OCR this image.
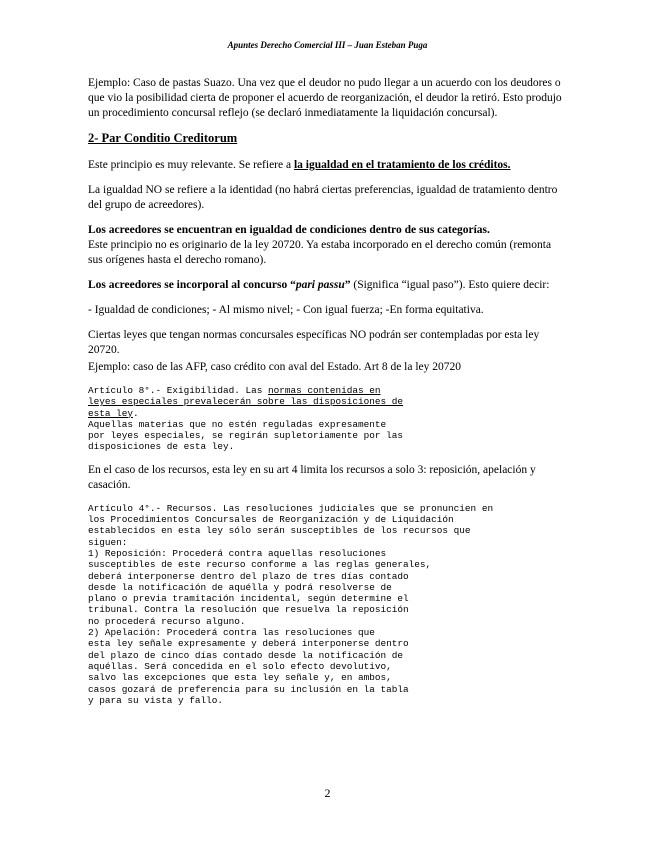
Apuntes Derecho Comercial III – Juan Esteban Puga

Ejemplo: Caso de pastas Suazo. Una vez que el deudor no pudo llegar a un acuerdo con los deudores o que vio la posibilidad cierta de proponer el acuerdo de reorganización, el deudor la retiró. Esto produjo un procedimiento concursal reflejo (se declaró inmediatamente la liquidación concursal).

2- Par Conditio Creditorum

Este principio es muy relevante. Se refiere a la igualdad en el tratamiento de los créditos.

La igualdad NO se refiere a la identidad (no habrá ciertas preferencias, igualdad de tratamiento dentro del grupo de acreedores).

Los acreedores se encuentran en igualdad de condiciones dentro de sus categorías.
Este principio no es originario de la ley 20720. Ya estaba incorporado en el derecho común (remonta sus orígenes hasta el derecho romano).

Los acreedores se incorporal al concurso “pari passu” (Significa “igual paso”). Esto quiere decir:

- Igualdad de condiciones; - Al mismo nivel; - Con igual fuerza; -En forma equitativa.

Ciertas leyes que tengan normas concursales específicas NO podrán ser contempladas por esta ley 20720.

Ejemplo: caso de las AFP, caso crédito con aval del Estado. Art 8 de la ley 20720

Artículo 8°.- Exigibilidad. Las normas contenidas en
leyes especiales prevalecerán sobre las disposiciones de
esta ley.
Aquellas materias que no estén reguladas expresamente
por leyes especiales, se regirán supletoriamente por las
disposiciones de esta ley.

En el caso de los recursos, esta ley en su art 4 limita los recursos a solo 3: reposición, apelación y casación.

Artículo 4°.- Recursos. Las resoluciones judiciales que se pronuncien en
los Procedimientos Concursales de Reorganización y de Liquidación
establecidos en esta ley sólo serán susceptibles de los recursos que
siguen:
1) Reposición: Procederá contra aquellas resoluciones
susceptibles de este recurso conforme a las reglas generales,
deberá interponerse dentro del plazo de tres días contado
desde la notificación de aquélla y podrá resolverse de
plano o previa tramitación incidental, según determine el
tribunal. Contra la resolución que resuelva la reposición
no procederá recurso alguno.
2) Apelación: Procederá contra las resoluciones que
esta ley señale expresamente y deberá interponerse dentro
del plazo de cinco días contado desde la notificación de
aquéllas. Será concedida en el solo efecto devolutivo,
salvo las excepciones que esta ley señale y, en ambos,
casos gozará de preferencia para su inclusión en la tabla
y para su vista y fallo.
2
